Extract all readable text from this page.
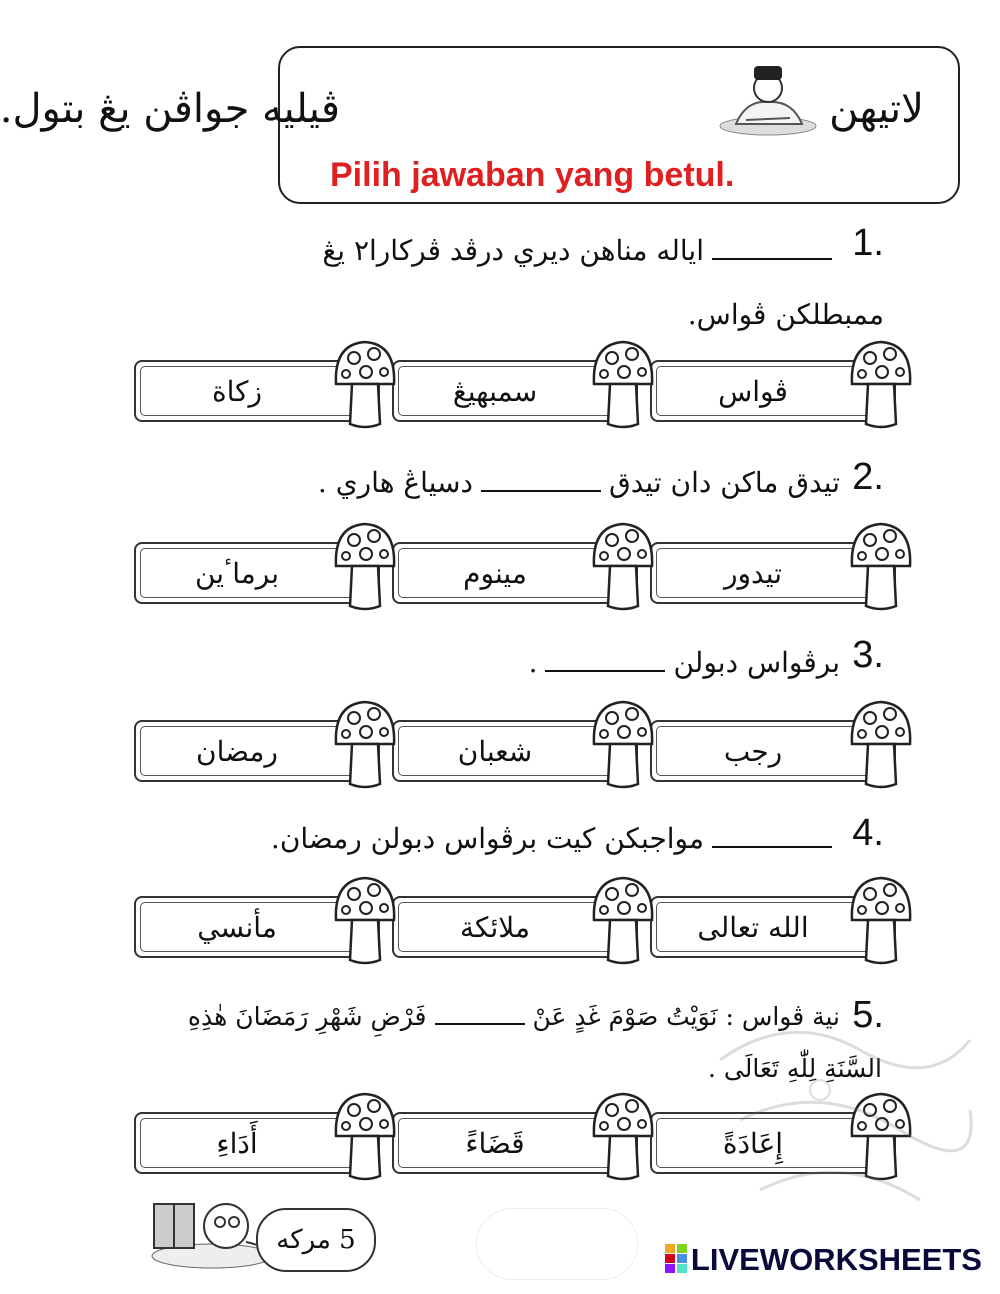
لاتيهن
ڤيليه جواڤن يڠ بتول.
Pilih jawaban yang betul.
1.
ايالە مناهن ديري درڤد ڤركارا٢ يڠ
ممبطلكن ڤواس.
2.
تيدق ماكن دان تيدقدسياڠ هاري .
3.
برڤواس دبولن.
4.
مواجبكن كيت برڤواس دبولن رمضان.
5.
نية ڤواس : نَوَيْتُ صَوْمَ غَدٍ عَنْفَرْضِ شَهْرِ رَمَضَانَ هٰذِهِ
السَّنَةِ لِلّٰهِ تَعَالَى .
ڤواس
سمبهيڠ
زكاة
تيدور
مينوم
برماٴين
رجب
شعبان
رمضان
الله تعالى
ملائكة
مأنسي
إِعَادَةً
قَضَاءً
أَدَاءِ
5 مركه
LIVEWORKSHEETS
